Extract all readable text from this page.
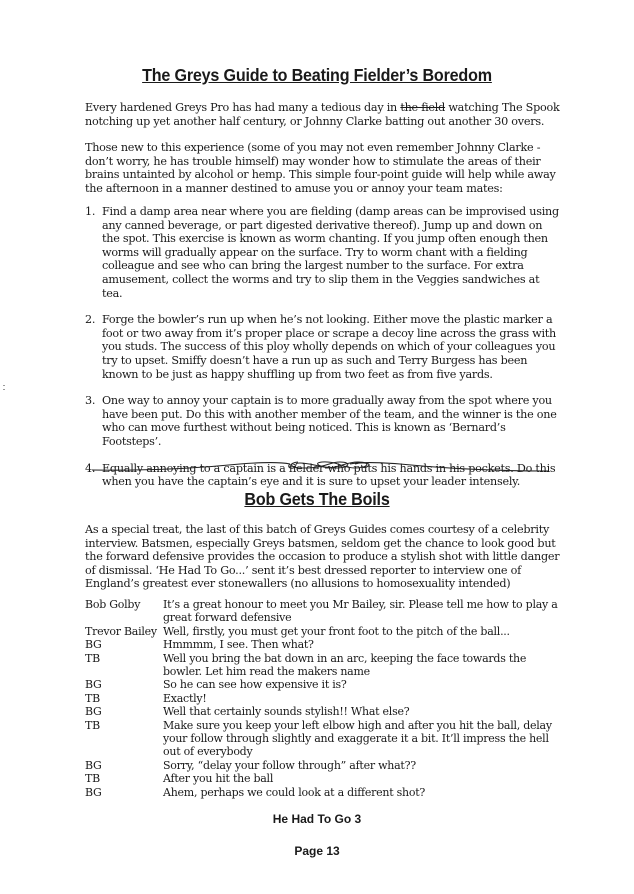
The Greys Guide to Beating Fielder’s Boredom
Every hardened Greys Pro has had many a tedious day in the field watching The Spook notching up yet another half century, or Johnny Clarke batting out another 30 overs.
Those new to this experience (some of you may not even remember Johnny Clarke - don’t worry, he has trouble himself) may wonder how to stimulate the areas of their brains untainted by alcohol or hemp. This simple four-point guide will help while away the afternoon in a manner destined to amuse you or annoy your team mates:
1. Find a damp area near where you are fielding (damp areas can be improvised using any canned beverage, or part digested derivative thereof). Jump up and down on the spot. This exercise is known as worm chanting. If you jump often enough then worms will gradually appear on the surface. Try to worm chant with a fielding colleague and see who can bring the largest number to the surface. For extra amusement, collect the worms and try to slip them in the Veggies sandwiches at tea.
2. Forge the bowler’s run up when he’s not looking. Either move the plastic marker a foot or two away from it’s proper place or scrape a decoy line across the grass with you studs. The success of this ploy wholly depends on which of your colleagues you try to upset. Smiffy doesn’t have a run up as such and Terry Burgess has been known to be just as happy shuffling up from two feet as from five yards.
3. One way to annoy your captain is to more gradually away from the spot where you have been put. Do this with another member of the team, and the winner is the one who can move furthest without being noticed. This is known as ‘Bernard’s Footsteps’.
4. Equally annoying to a captain is a fielder who puts his hands in his pockets. Do this when you have the captain’s eye and it is sure to upset your leader intensely.
Bob Gets The Boils
As a special treat, the last of this batch of Greys Guides comes courtesy of a celebrity interview. Batsmen, especially Greys batsmen, seldom get the chance to look good but the forward defensive provides the occasion to produce a stylish shot with little danger of dismissal. ‘He Had To Go...’ sent it’s best dressed reporter to interview one of England’s greatest ever stonewallers (no allusions to homosexuality intended)
Bob Golby	It’s a great honour to meet you Mr Bailey, sir. Please tell me how to play a great forward defensive
Trevor Bailey Well, firstly, you must get your front foot to the pitch of the ball...
BG	Hmmmm, I see. Then what?
TB	Well you bring the bat down in an arc, keeping the face towards the bowler. Let him read the makers name
BG	So he can see how expensive it is?
TB	Exactly!
BG	Well that certainly sounds stylish!! What else?
TB	Make sure you keep your left elbow high and after you hit the ball, delay your follow through slightly and exaggerate it a bit. It’ll impress the hell out of everybody
BG	Sorry, “delay your follow through” after what??
TB	After you hit the ball
BG	Ahem, perhaps we could look at a different shot?
He Had To Go 3
Page 13
